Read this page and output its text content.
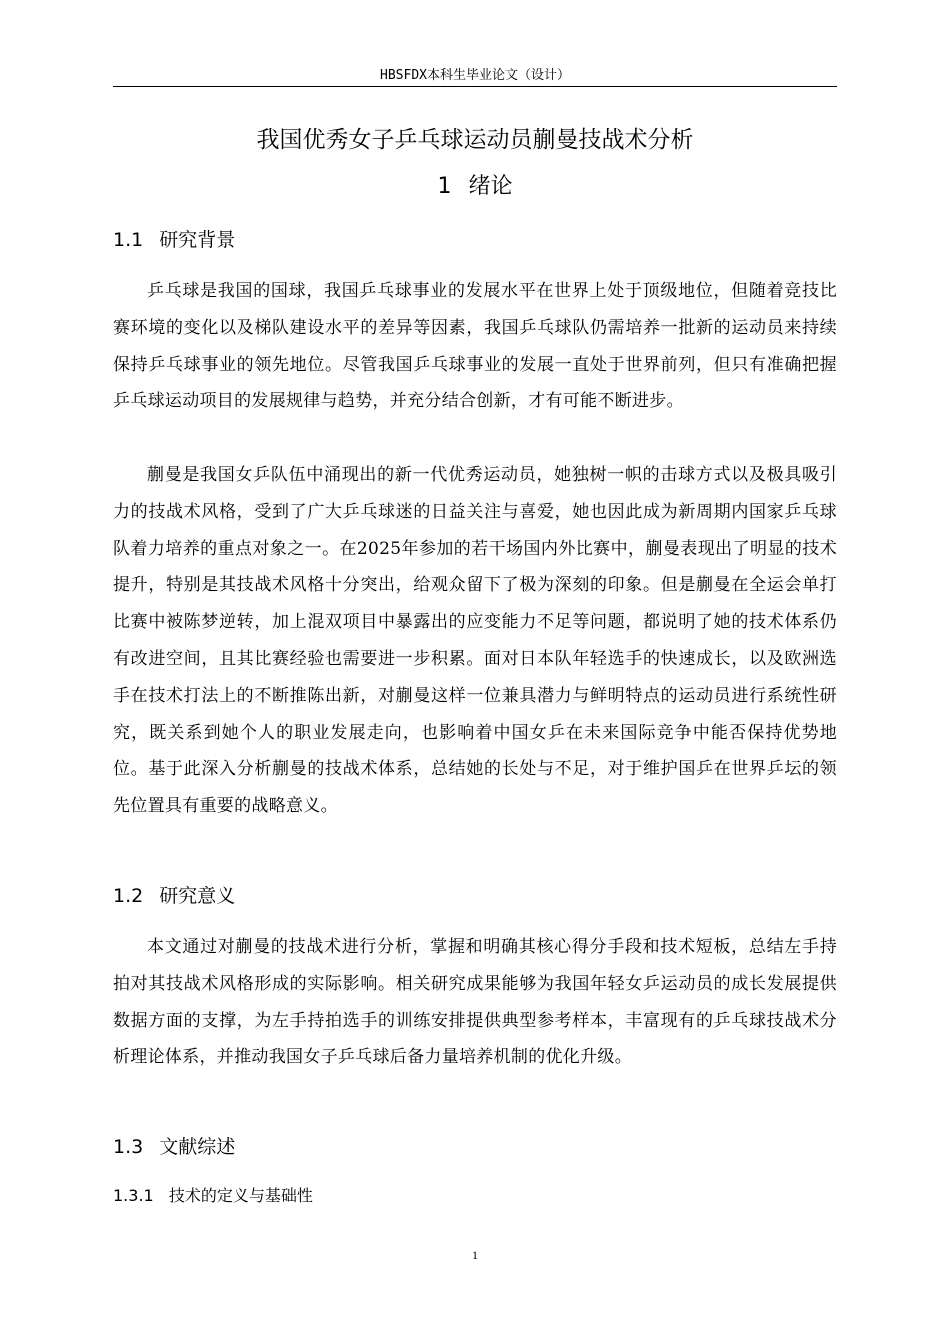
HBSFDX本科生毕业论文（设计）
我国优秀女子乒乓球运动员蒯曼技战术分析
1 绪论
1.1 研究背景
乒乓球是我国的国球，我国乒乓球事业的发展水平在世界上处于顶级地位，但随着竞技比赛环境的变化以及梯队建设水平的差异等因素，我国乒乓球队仍需培养一批新的运动员来持续保持乒乓球事业的领先地位。尽管我国乒乓球事业的发展一直处于世界前列，但只有准确把握乒乓球运动项目的发展规律与趋势，并充分结合创新，才有可能不断进步。
蒯曼是我国女乒队伍中涌现出的新一代优秀运动员，她独树一帜的击球方式以及极具吸引力的技战术风格，受到了广大乒乓球迷的日益关注与喜爱，她也因此成为新周期内国家乒乓球队着力培养的重点对象之一。在2025年参加的若干场国内外比赛中，蒯曼表现出了明显的技术提升，特别是其技战术风格十分突出，给观众留下了极为深刻的印象。但是蒯曼在全运会单打比赛中被陈梦逆转，加上混双项目中暴露出的应变能力不足等问题，都说明了她的技术体系仍有改进空间，且其比赛经验也需要进一步积累。面对日本队年轻选手的快速成长，以及欧洲选手在技术打法上的不断推陈出新，对蒯曼这样一位兼具潜力与鲜明特点的运动员进行系统性研究，既关系到她个人的职业发展走向，也影响着中国女乒在未来国际竞争中能否保持优势地位。基于此深入分析蒯曼的技战术体系，总结她的长处与不足，对于维护国乒在世界乒坛的领先位置具有重要的战略意义。
1.2 研究意义
本文通过对蒯曼的技战术进行分析，掌握和明确其核心得分手段和技术短板，总结左手持拍对其技战术风格形成的实际影响。相关研究成果能够为我国年轻女乒运动员的成长发展提供数据方面的支撑，为左手持拍选手的训练安排提供典型参考样本，丰富现有的乒乓球技战术分析理论体系，并推动我国女子乒乓球后备力量培养机制的优化升级。
1.3 文献综述
1.3.1 技术的定义与基础性
1
